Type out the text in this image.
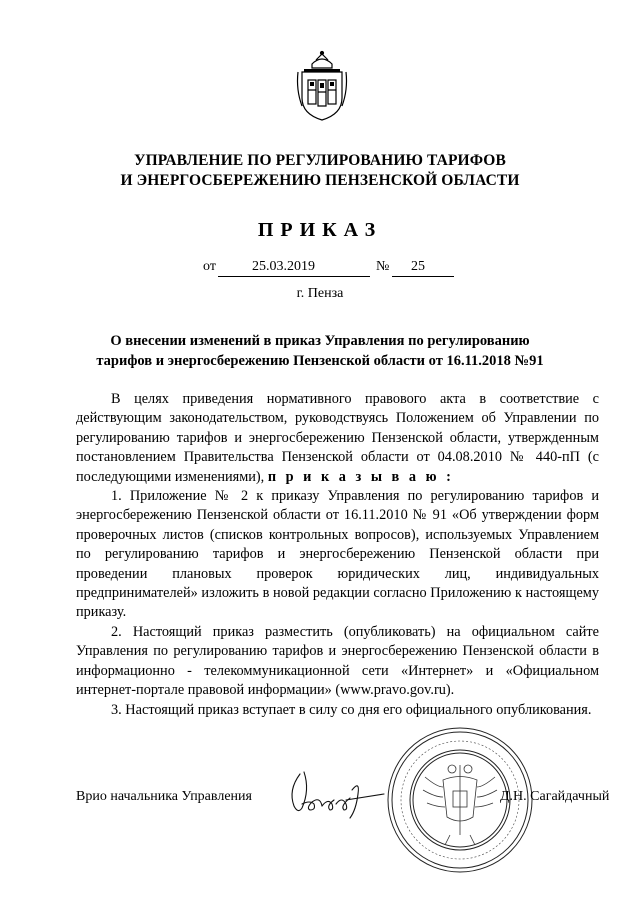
УПРАВЛЕНИЕ ПО РЕГУЛИРОВАНИЮ ТАРИФОВ
И ЭНЕРГОСБЕРЕЖЕНИЮ ПЕНЗЕНСКОЙ ОБЛАСТИ
ПРИКАЗ
от	25.03.2019	№ 25
г. Пенза
О внесении изменений в приказ Управления по регулированию
тарифов и энергосбережению Пензенской области от 16.11.2018 №91

В целях приведения нормативного правового акта в соответствие с действующим законодательством, руководствуясь Положением об Управлении по регулированию тарифов и энергосбережению Пензенской области, утвержденным постановлением Правительства Пензенской области от 04.08.2010 № 440-пП (с последующими изменениями), п р и к а з ы в а ю :

1. Приложение № 2 к приказу Управления по регулированию тарифов и энергосбережению Пензенской области от 16.11.2010 № 91 «Об утверждении форм проверочных листов (списков контрольных вопросов), используемых Управлением по регулированию тарифов и энергосбережению Пензенской области при проведении плановых проверок юридических лиц, индивидуальных предпринимателей» изложить в новой редакции согласно Приложению к настоящему приказу.

2. Настоящий приказ разместить (опубликовать) на официальном сайте Управления по регулированию тарифов и энергосбережению Пензенской области в информационно - телекоммуникационной сети «Интернет» и «Официальном интернет-портале правовой информации» (www.pravo.gov.ru).

3. Настоящий приказ вступает в силу со дня его официального опубликования.

Врио начальника Управления	Д.Н. Сагайдачный
